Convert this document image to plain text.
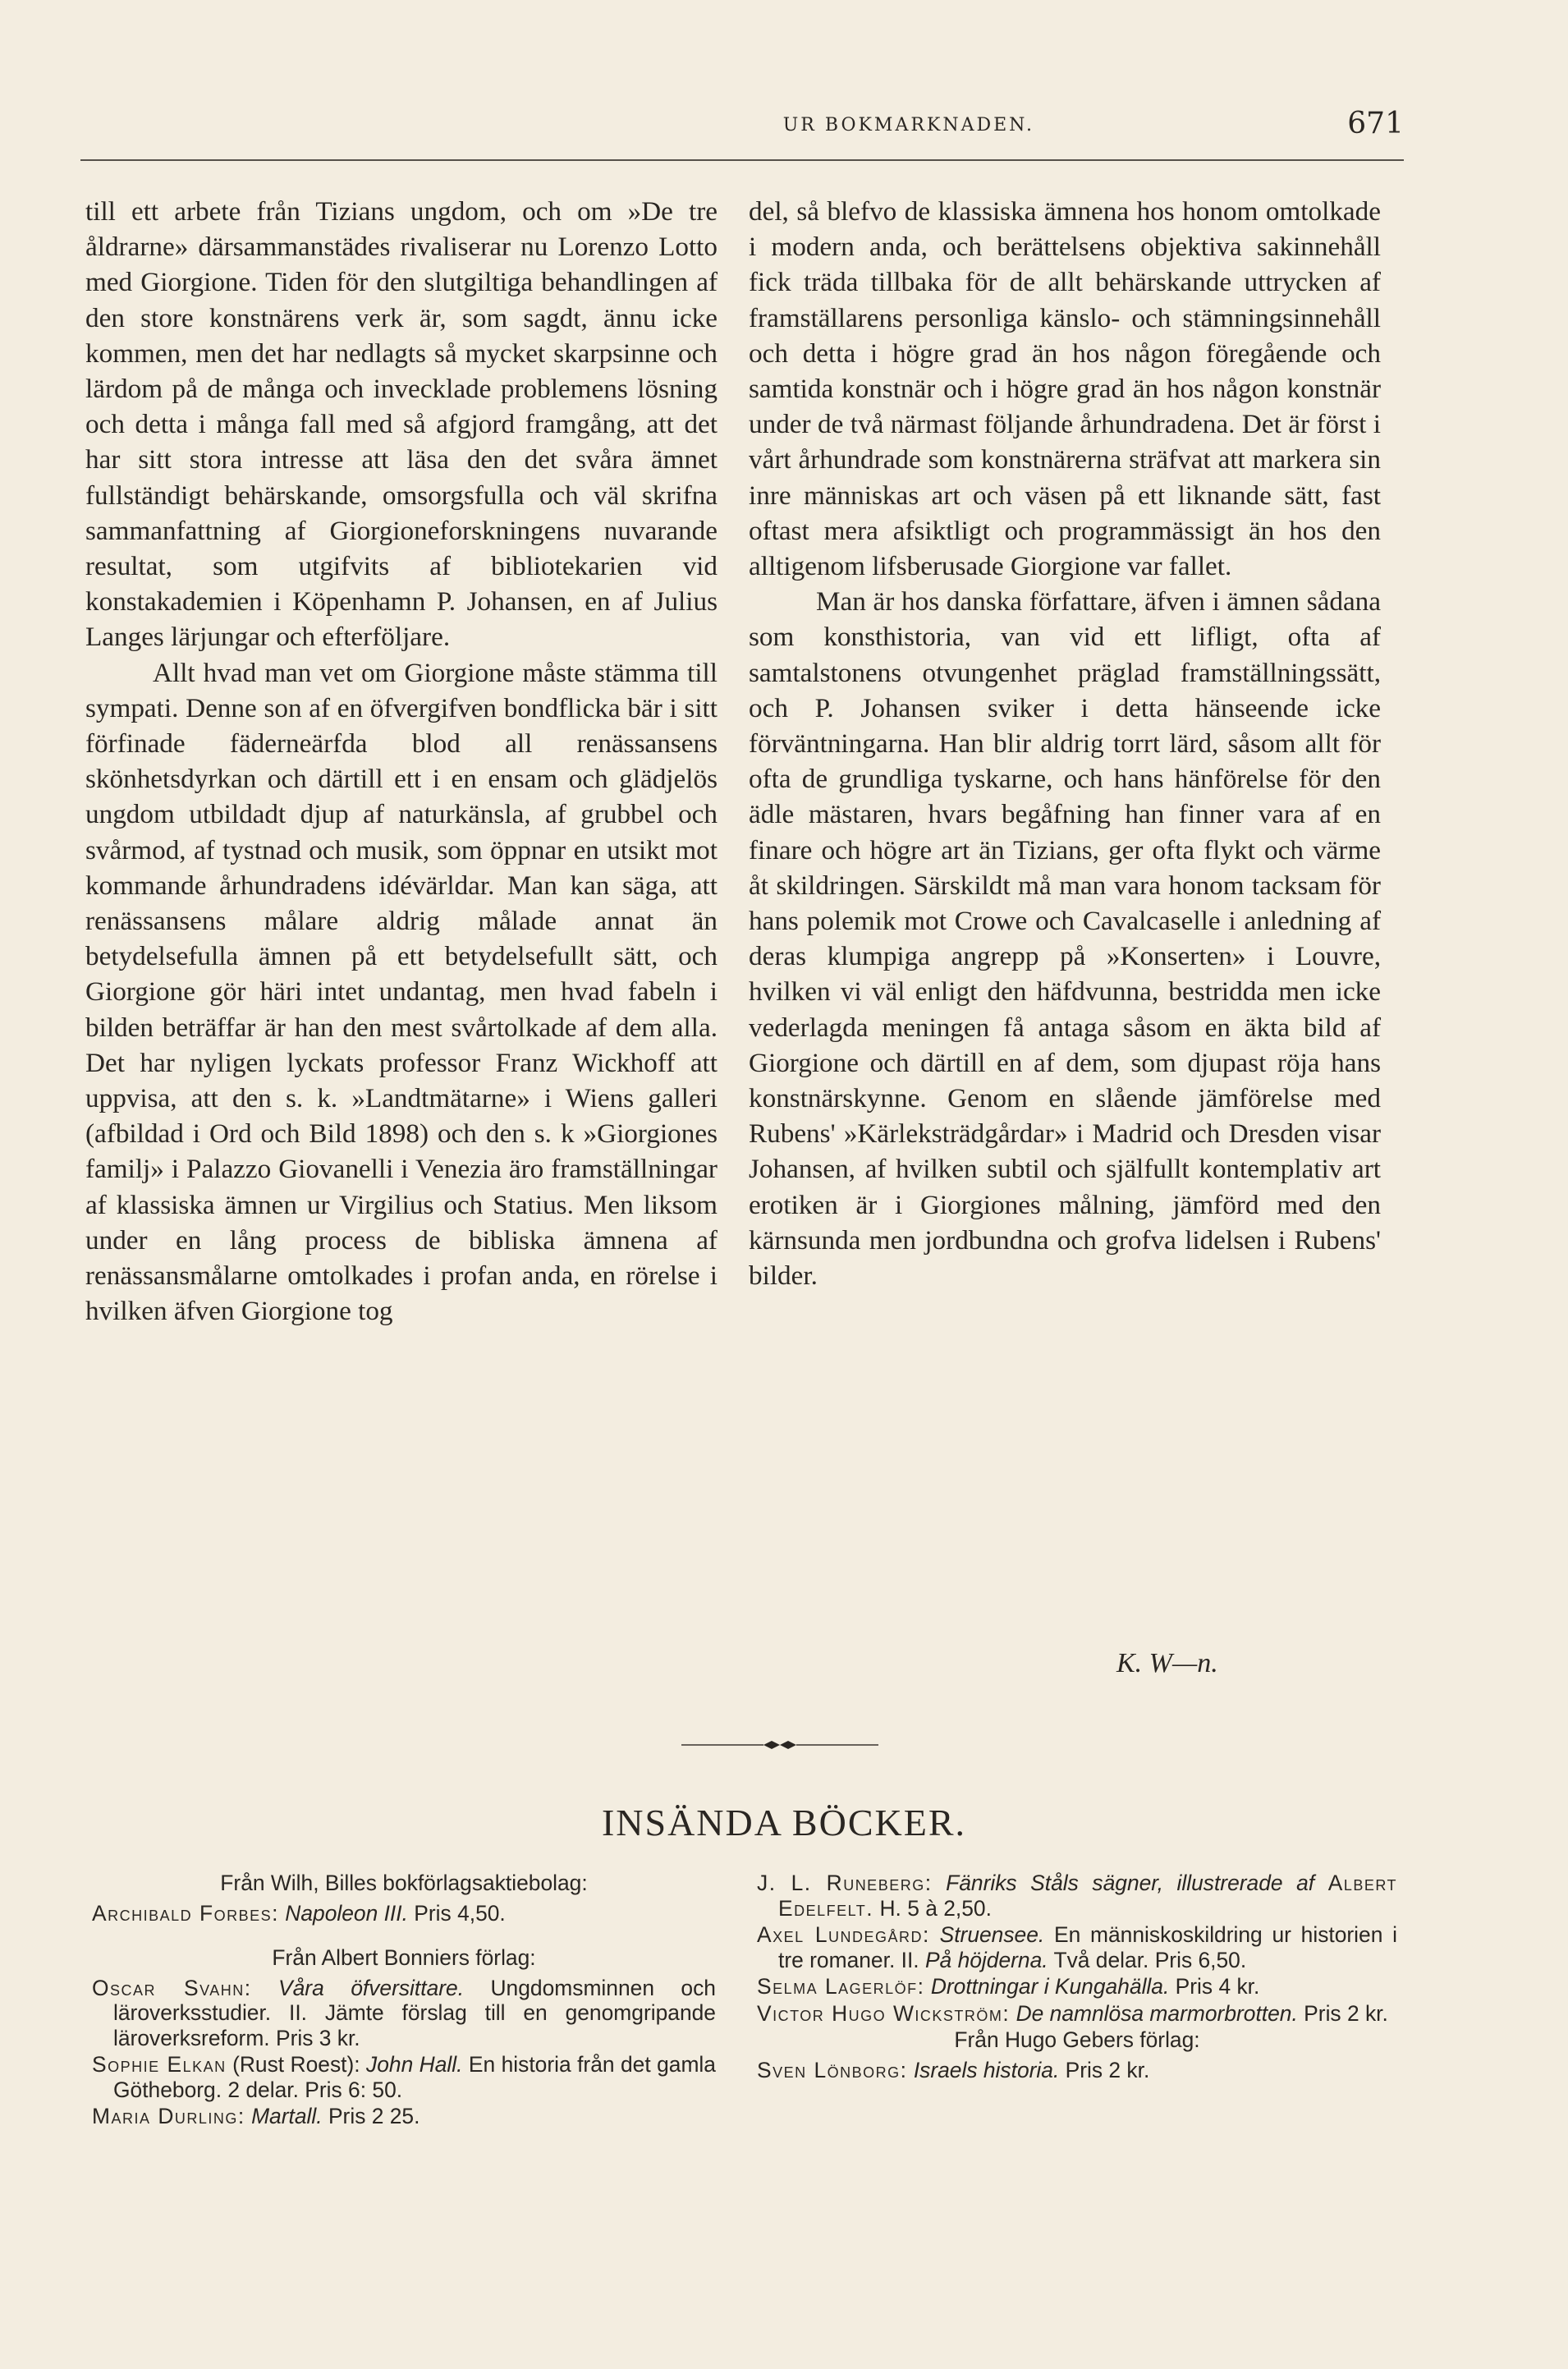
UR BOKMARKNADEN.	671

till ett arbete från Tizians ungdom, och om »De tre åldrarne» därsammanstädes rivaliserar nu Lorenzo Lotto med Giorgione. Tiden för den slutgiltiga behandlingen af den store konstnärens verk är, som sagdt, ännu icke kommen, men det har nedlagts så mycket skarpsinne och lärdom på de många och invecklade problemens lösning och detta i många fall med så afgjord framgång, att det har sitt stora intresse att läsa den det svåra ämnet fullständigt behärskande, omsorgsfulla och väl skrifna sammanfattning af Giorgioneforskningens nuvarande resultat, som utgifvits af bibliotekarien vid konstakademien i Köpenhamn P. Johansen, en af Julius Langes lärjungar och efterföljare.

Allt hvad man vet om Giorgione måste stämma till sympati. Denne son af en öfvergifven bondflicka bär i sitt förfinade fäderneärfda blod all renässansens skönhetsdyrkan och därtill ett i en ensam och glädjelös ungdom utbildadt djup af naturkänsla, af grubbel och svårmod, af tystnad och musik, som öppnar en utsikt mot kommande århundradens idévärldar. Man kan säga, att renässansens målare aldrig målade annat än betydelsefulla ämnen på ett betydelsefullt sätt, och Giorgione gör häri intet undantag, men hvad fabeln i bilden beträffar är han den mest svårtolkade af dem alla. Det har nyligen lyckats professor Franz Wickhoff att uppvisa, att den s. k. »Landtmätarne» i Wiens galleri (afbildad i Ord och Bild 1898) och den s. k »Giorgiones familj» i Palazzo Giovanelli i Venezia äro framställningar af klassiska ämnen ur Virgilius och Statius. Men liksom under en lång process de bibliska ämnena af renässansmålarne omtolkades i profan anda, en rörelse i hvilken äfven Giorgione tog

del, så blefvo de klassiska ämnena hos honom omtolkade i modern anda, och berättelsens objektiva sakinnehåll fick träda tillbaka för de allt behärskande uttrycken af framställarens personliga känslo- och stämningsinnehåll och detta i högre grad än hos någon föregående och samtida konstnär och i högre grad än hos någon konstnär under de två närmast följande århundradena. Det är först i vårt århundrade som konstnärerna sträfvat att markera sin inre människas art och väsen på ett liknande sätt, fast oftast mera afsiktligt och programmässigt än hos den alltigenom lifsberusade Giorgione var fallet.

Man är hos danska författare, äfven i ämnen sådana som konsthistoria, van vid ett lifligt, ofta af samtalstonens otvungenhet präglad framställningssätt, och P. Johansen sviker i detta hänseende icke förväntningarna. Han blir aldrig torrt lärd, såsom allt för ofta de grundliga tyskarne, och hans hänförelse för den ädle mästaren, hvars begåfning han finner vara af en finare och högre art än Tizians, ger ofta flykt och värme åt skildringen. Särskildt må man vara honom tacksam för hans polemik mot Crowe och Cavalcaselle i anledning af deras klumpiga angrepp på »Konserten» i Louvre, hvilken vi väl enligt den häfdvunna, bestridda men icke vederlagda meningen få antaga såsom en äkta bild af Giorgione och därtill en af dem, som djupast röja hans konstnärskynne. Genom en slående jämförelse med Rubens' »Kärleksträdgårdar» i Madrid och Dresden visar Johansen, af hvilken subtil och själfullt kontemplativ art erotiken är i Giorgiones målning, jämförd med den kärnsunda men jordbundna och grofva lidelsen i Rubens' bilder.

K. W—n.
INSÄNDA BÖCKER.
Från Wilh, Billes bokförlagsaktiebolag:
Archibald Forbes: Napoleon III. Pris 4,50.
Från Albert Bonniers förlag:
Oscar Svahn: Våra öfversittare. Ungdomsminnen och läroverksstudier. II. Jämte förslag till en genomgripande läroverksreform. Pris 3 kr.
Sophie Elkan (Rust Roest): John Hall. En historia från det gamla Götheborg. 2 delar. Pris 6: 50.
Maria Durling: Martall. Pris 2 25.
J. L. Runeberg: Fänriks Ståls sägner, illustrerade af Albert Edelfelt. H. 5 à 2,50.
Axel Lundegård: Struensee. En människoskildring ur historien i tre romaner. II. På höjderna. Två delar. Pris 6,50.
Selma Lagerlöf: Drottningar i Kungahälla. Pris 4 kr.
Victor Hugo Wickström: De namnlösa marmorbrotten. Pris 2 kr.
Från Hugo Gebers förlag:
Sven Lönborg: Israels historia. Pris 2 kr.
